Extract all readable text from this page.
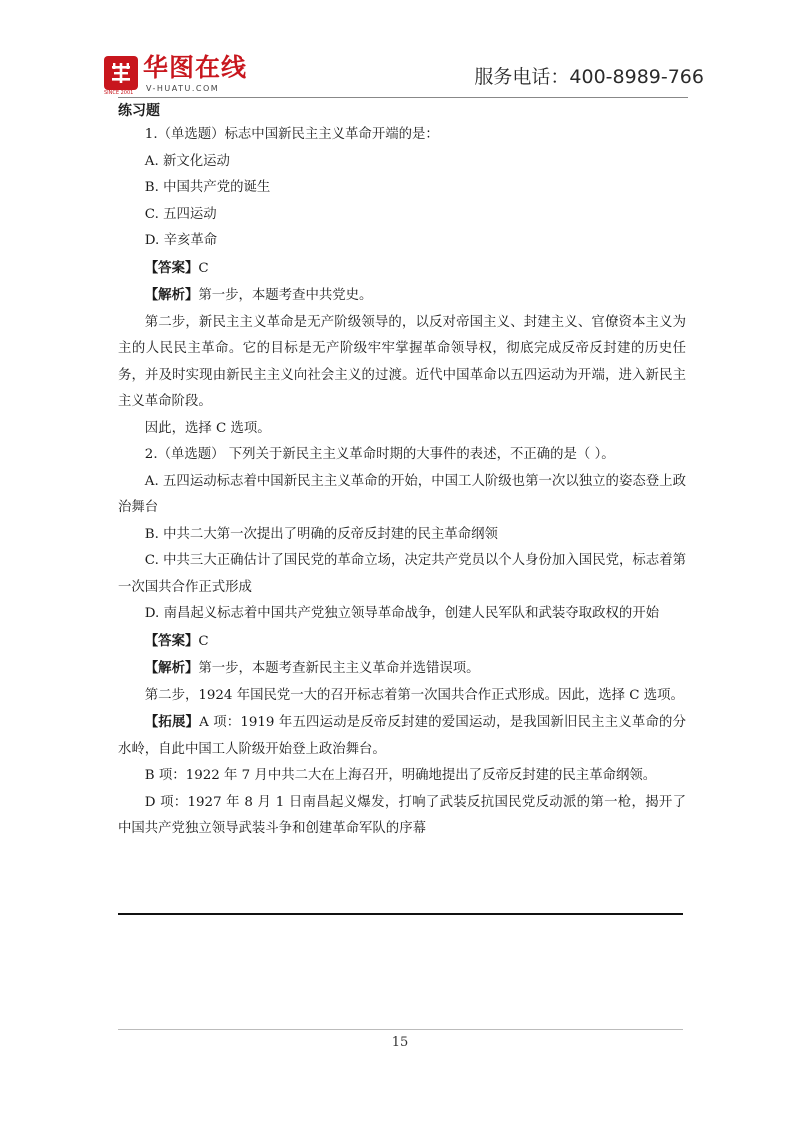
华图在线
V-HUATU.COM
SINCE 2001
服务电话：400-8989-766
练习题

1.（单选题）标志中国新民主主义革命开端的是：

A. 新文化运动

B. 中国共产党的诞生

C. 五四运动

D. 辛亥革命

【答案】C

【解析】第一步，本题考查中共党史。

第二步，新民主主义革命是无产阶级领导的，以反对帝国主义、封建主义、官僚资本主义为主的人民民主革命。它的目标是无产阶级牢牢掌握革命领导权，彻底完成反帝反封建的历史任务，并及时实现由新民主主义向社会主义的过渡。近代中国革命以五四运动为开端，进入新民主主义革命阶段。

因此，选择 C 选项。

2.（单选题） 下列关于新民主主义革命时期的大事件的表述，不正确的是（ ）。

A. 五四运动标志着中国新民主主义革命的开始，中国工人阶级也第一次以独立的姿态登上政治舞台

B. 中共二大第一次提出了明确的反帝反封建的民主革命纲领

C. 中共三大正确估计了国民党的革命立场，决定共产党员以个人身份加入国民党，标志着第一次国共合作正式形成

D. 南昌起义标志着中国共产党独立领导革命战争，创建人民军队和武装夺取政权的开始

【答案】C

【解析】第一步，本题考查新民主主义革命并选错误项。

第二步，1924 年国民党一大的召开标志着第一次国共合作正式形成。因此，选择 C 选项。

【拓展】A 项：1919 年五四运动是反帝反封建的爱国运动，是我国新旧民主主义革命的分水岭，自此中国工人阶级开始登上政治舞台。

B 项：1922 年 7 月中共二大在上海召开，明确地提出了反帝反封建的民主革命纲领。

D 项：1927 年 8 月 1 日南昌起义爆发，打响了武装反抗国民党反动派的第一枪，揭开了中国共产党独立领导武装斗争和创建革命军队的序幕

15
